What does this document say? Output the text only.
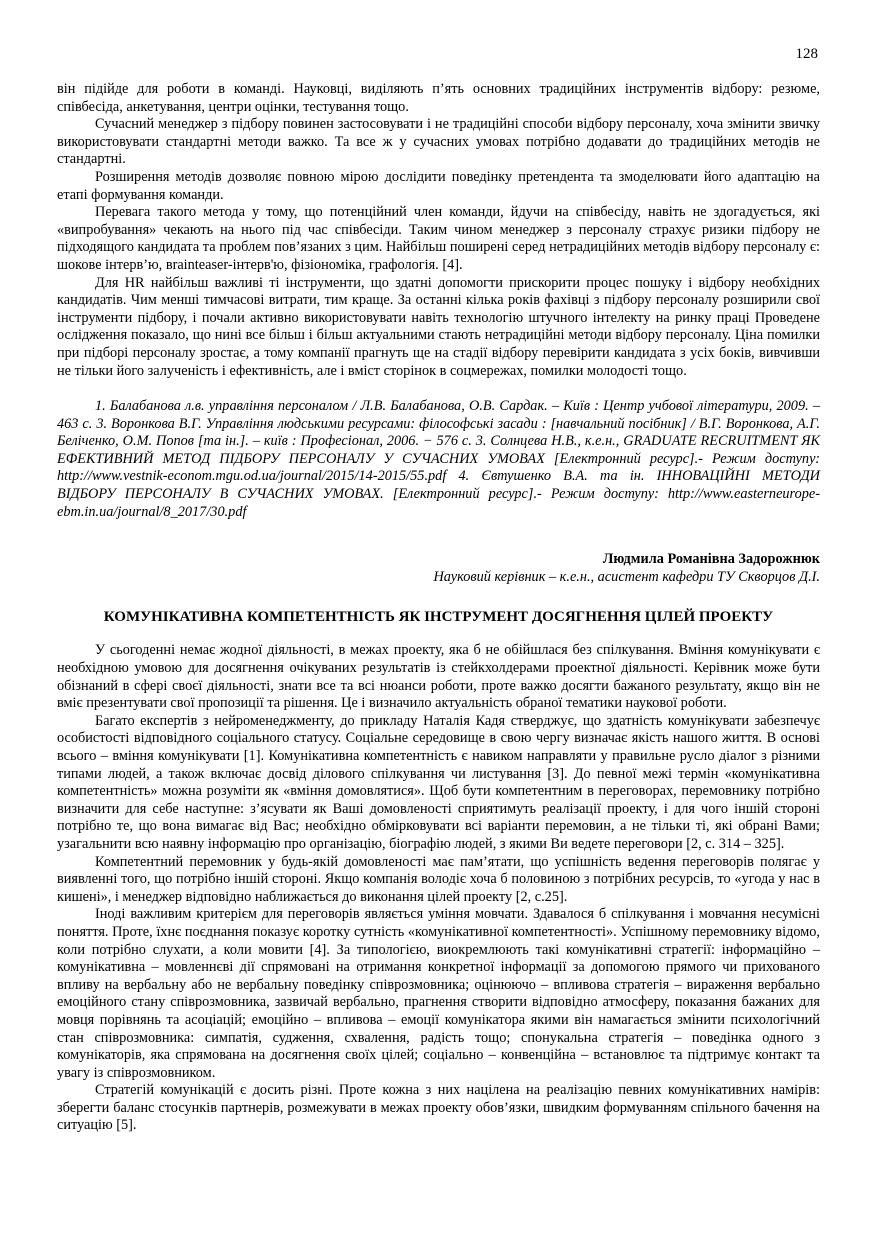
128

він підійде для роботи в команді. Науковці, виділяють п’ять основних традиційних інструментів відбору: резюме, співбесіда, анкетування, центри оцінки, тестування тощо.

Сучасний менеджер з підбору повинен застосовувати і не традиційні способи відбору персоналу, хоча змінити звичку використовувати стандартні методи важко. Та все ж у сучасних умовах потрібно додавати до традиційних методів не стандартні.

Розширення методів дозволяє повною мірою дослідити поведінку претендента та змоделювати його адаптацію на етапі формування команди.

Перевага такого метода у тому, що потенційний член команди, йдучи на співбесіду, навіть не здогадується, які «випробування» чекають на нього під час співбесіди. Таким чином менеджер з персоналу страхує ризики підбору не підходящого кандидата та проблем пов’язаних з цим. Найбільш поширені серед нетрадиційних методів відбору персоналу є: шокове інтерв’ю, вrainteaser-інтерв'ю, фізіономіка, графологія. [4].

Для HR найбільш важливі ті інструменти, що здатні допомогти прискорити процес пошуку і відбору необхідних кандидатів. Чим менші тимчасові витрати, тим краще. За останні кілька років фахівці з підбору персоналу розширили свої інструменти підбору, і почали активно використовувати навіть технологію штучного інтелекту на ринку праці Проведене ослідження показало, що нині все більш і більш актуальними стають нетрадиційні методи відбору персоналу. Ціна помилки при підборі персоналу зростає, а тому компанії прагнуть ще на стадії відбору перевірити кандидата з усіх боків, вивчивши не тільки його залученість і ефективність, але і вміст сторінок в соцмережах, помилки молодості тощо.

1. Балабанова л.в. управління персоналом / Л.В. Балабанова, О.В. Сардак. – Київ : Центр учбової літератури, 2009. – 463 с. 3. Воронкова В.Г. Управління людськими ресурсами: філософські засади : [навчальний посібник] / В.Г. Воронкова, А.Г. Беліченко, О.М. Попов [та ін.]. – київ : Професіонал, 2006. − 576 с. 3. Солнцева Н.В., к.е.н., GRADUATE RECRUITMENT ЯК ЕФЕКТИВНИЙ МЕТОД ПІДБОРУ ПЕРСОНАЛУ У СУЧАСНИХ УМОВАХ [Електронний ресурс].- Режим доступу: http://www.vestnik-econom.mgu.od.ua/journal/2015/14-2015/55.pdf 4. Євтушенко В.А. та ін. ІННОВАЦІЙНІ МЕТОДИ ВІДБОРУ ПЕРСОНАЛУ В СУЧАСНИХ УМОВАХ. [Електронний ресурс].- Режим доступу: http://www.easterneurope-ebm.in.ua/journal/8_2017/30.pdf

Людмила Романівна Задорожнюк
Науковий керівник – к.е.н., асистент кафедри ТУ Скворцов Д.І.
КОМУНІКАТИВНА КОМПЕТЕНТНІСТЬ ЯК ІНСТРУМЕНТ ДОСЯГНЕННЯ ЦІЛЕЙ ПРОЕКТУ

У сьогоденні немає жодної діяльності, в межах проекту, яка б не обійшлася без спілкування. Вміння комунікувати є необхідною умовою для досягнення очікуваних результатів із стейкхолдерами проектної діяльності. Керівник може бути обізнаний в сфері своєї діяльності, знати все та всі нюанси роботи, проте важко досягти бажаного результату, якщо він не вміє презентувати свої пропозиції та рішення. Це і визначило актуальність обраної тематики наукової роботи.

Багато експертів з нейроменеджменту, до прикладу Наталія Кадя стверджує, що здатність комунікувати забезпечує особистості відповідного соціального статусу. Соціальне середовище в свою чергу визначає якість нашого життя. В основі всього – вміння комунікувати [1]. Комунікативна компетентність є навиком направляти у правильне русло діалог з різними типами людей, а також включає досвід ділового спілкування чи листування [3]. До певної межі термін «комунікативна компетентність» можна розуміти як «вміння домовлятися». Щоб бути компетентним в переговорах, перемовнику потрібно визначити для себе наступне: з’ясувати як Ваші домовленості сприятимуть реалізації проекту, і для чого іншій стороні потрібно те, що вона вимагає від Вас; необхідно обмірковувати всі варіанти перемовин, а не тільки ті, які обрані Вами; узагальнити всю наявну інформацію про організацію, біографію людей, з якими Ви ведете переговори [2, с. 314 – 325].

Компетентний перемовник у будь-якій домовленості має пам’ятати, що успішність ведення переговорів полягає у виявленні того, що потрібно іншій стороні. Якщо компанія володіє хоча б половиною з потрібних ресурсів, то «угода у нас в кишені», і менеджер відповідно наближається до виконання цілей проекту [2, с.25].

Іноді важливим критерієм для переговорів являється уміння мовчати. Здавалося б спілкування і мовчання несумісні поняття. Проте, їхнє поєднання показує коротку сутність «комунікативної компетентності». Успішному перемовнику відомо, коли потрібно слухати, а коли мовити [4]. За типологією, виокремлюють такі комунікативні стратегії: інформаційно – комунікативна – мовленнєві дії спрямовані на отримання конкретної інформації за допомогою прямого чи прихованого впливу на вербальну або не вербальну поведінку співрозмовника; оцінюючо – впливова стратегія – вираження вербально емоційного стану співрозмовника, зазвичай вербально, прагнення створити відповідно атмосферу, показання бажаних для мовця порівнянь та асоціацій; емоційно – впливова – емоції комунікатора якими він намагається змінити психологічний стан співрозмовника: симпатія, судження, схвалення, радість тощо; спонукальна стратегія – поведінка одного з комунікаторів, яка спрямована на досягнення своїх цілей; соціально – конвенційна – встановлює та підтримує контакт та увагу із співрозмовником.

Стратегій комунікацій є досить різні. Проте кожна з них націлена на реалізацію певних комунікативних намірів: зберегти баланс стосунків партнерів, розмежувати в межах проекту обов’язки, швидким формуванням спільного бачення на ситуацію [5].
